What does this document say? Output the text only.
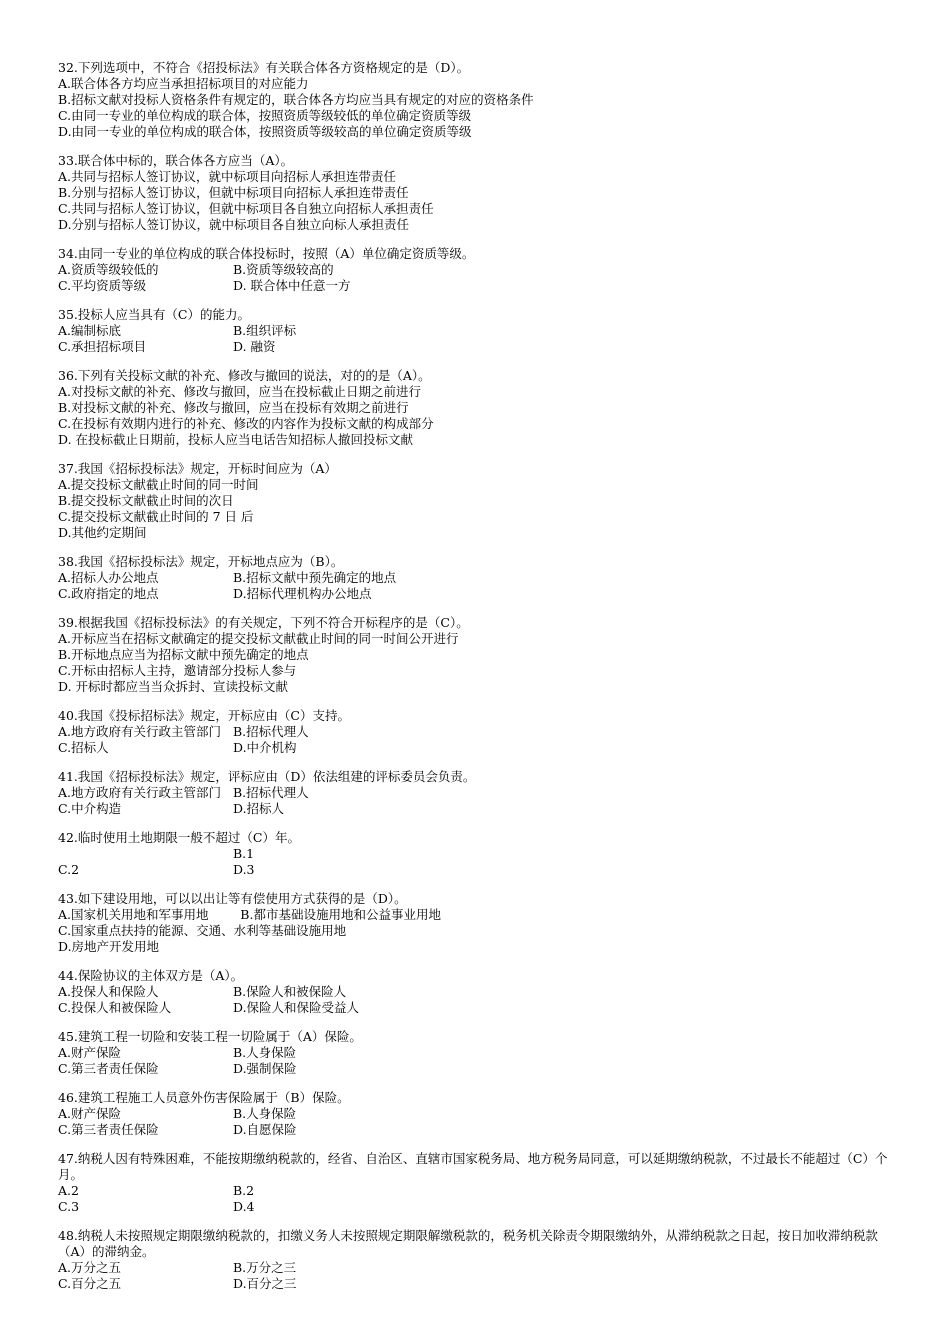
32.下列选项中，不符合《招投标法》有关联合体各方资格规定的是（D）。
A.联合体各方均应当承担招标项目的对应能力
B.招标文献对投标人资格条件有规定的，联合体各方均应当具有规定的对应的资格条件
C.由同一专业的单位构成的联合体，按照资质等级较低的单位确定资质等级
D.由同一专业的单位构成的联合体，按照资质等级较高的单位确定资质等级
33.联合体中标的，联合体各方应当（A）。
A.共同与招标人签订协议，就中标项目向招标人承担连带责任
B.分别与招标人签订协议，但就中标项目向招标人承担连带责任
C.共同与招标人签订协议，但就中标项目各自独立向招标人承担责任
D.分别与招标人签订协议，就中标项目各自独立向标人承担责任
34.由同一专业的单位构成的联合体投标时，按照（A）单位确定资质等级。
A.资质等级较低的	B.资质等级较高的
C.平均资质等级	D. 联合体中任意一方
35.投标人应当具有（C）的能力。
A.编制标底	B.组织评标
C.承担招标项目	D. 融资
36.下列有关投标文献的补充、修改与撤回的说法，对的的是（A）。
A.对投标文献的补充、修改与撤回，应当在投标截止日期之前进行
B.对投标文献的补充、修改与撤回，应当在投标有效期之前进行
C.在投标有效期内进行的补充、修改的内容作为投标文献的构成部分
D. 在投标截止日期前，投标人应当电话告知招标人撤回投标文献
37.我国《招标投标法》规定，开标时间应为（A）
A.提交投标文献截止时间的同一时间
B.提交投标文献截止时间的次日
C.提交投标文献截止时间的 7 日 后
D.其他约定期间
38.我国《招标投标法》规定，开标地点应为（B）。
A.招标人办公地点	B.招标文献中预先确定的地点
C.政府指定的地点	D.招标代理机构办公地点
39.根据我国《招标投标法》的有关规定，下列不符合开标程序的是（C）。
A.开标应当在招标文献确定的提交投标文献截止时间的同一时间公开进行
B.开标地点应当为招标文献中预先确定的地点
C.开标由招标人主持，邀请部分投标人参与
D. 开标时都应当当众拆封、宣读投标文献
40.我国《投标招标法》规定，开标应由（C）支持。
A.地方政府有关行政主管部门 B.招标代理人
C.招标人	D.中介机构
41.我国《招标投标法》规定，评标应由（D）依法组建的评标委员会负责。
A.地方政府有关行政主管部门 B.招标代理人
C.中介构造	D.招标人
42.临时使用土地期限一般不超过（C）年。
B.1
C.2	D.3
43.如下建设用地，可以以出让等有偿使用方式获得的是（D）。
A.国家机关用地和军事用地        B.都市基础设施用地和公益事业用地
C.国家重点扶持的能源、交通、水利等基础设施用地
D.房地产开发用地
44.保险协议的主体双方是（A）。
A.投保人和保险人	B.保险人和被保险人
C.投保人和被保险人	D.保险人和保险受益人
45.建筑工程一切险和安装工程一切险属于（A）保险。
A.财产保险	B.人身保险
C.第三者责任保险	D.强制保险
46.建筑工程施工人员意外伤害保险属于（B）保险。
A.财产保险	B.人身保险
C.第三者责任保险	D.自愿保险
47.纳税人因有特殊困难，不能按期缴纳税款的，经省、自治区、直辖市国家税务局、地方税务局同意，可以延期缴纳税款，不过最长不能超过（C）个月。
A.2	B.2
C.3	D.4
48.纳税人未按照规定期限缴纳税款的，扣缴义务人未按照规定期限解缴税款的，税务机关除责令期限缴纳外，从滞纳税款之日起，按日加收滞纳税款（A）的滞纳金。
A.万分之五	B.万分之三
C.百分之五	D.百分之三
